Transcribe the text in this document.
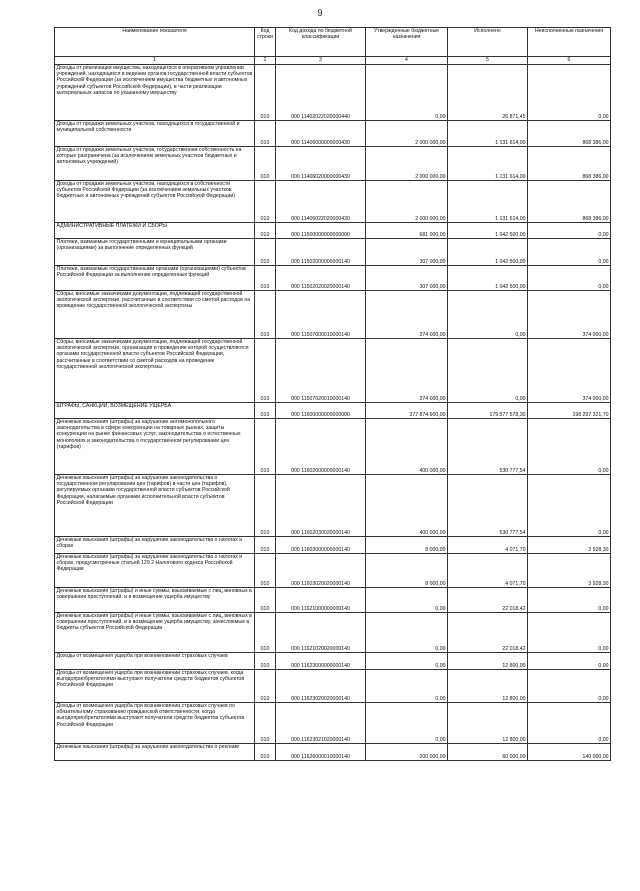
9
Наименование показателя	Код строки	Код дохода по бюджетной классификации	Утвержденные бюджетные назначения	Исполнено	Неисполненные назначения
1	2	3	4	5	6
Доходы от реализации имущества, находящегося в оперативном управлении учреждений, находящихся в ведении органов государственной власти субъектов Российской Федерации (за исключением имущества бюджетных и автономных учреждений субъектов Российской Федерации), в части реализации материальных запасов по указанному имуществу	010	000 11402022020000440	0,00	26 871,45	0,00
Доходы от продажи земельных участков, находящихся в государственной и муниципальной собственности	010	000 11406000000000430	2 000 000,00	1 131 614,00	868 386,00
Доходы от продажи земельных участков, государственная собственность на которые разграничена (за исключением земельных участков бюджетных и автономных учреждений)	010	000 11406020000000430	2 000 000,00	1 131 614,00	868 386,00
Доходы от продажи земельных участков, находящихся в собственности субъектов Российской Федерации (за исключением земельных участков бюджетных и автономных учреждений субъектов Российской Федерации)	010	000 11406022020000430	2 000 000,00	1 131 614,00	868 386,00
АДМИНИСТРАТИВНЫЕ ПЛАТЕЖИ И СБОРЫ	010	000 11500000000000000	681 000,00	1 042 500,00	0,00
Платежи, взимаемые государственными и муниципальными органами (организациями) за выполнение определенных функций	010	000 11502000000000140	307 000,00	1 042 500,00	0,00
Платежи, взимаемые государственными органами (организациями) субъектов Российской Федерации за выполнение определенных функций	010	000 11502020020000140	307 000,00	1 042 500,00	0,00
Сборы, вносимые заказчиками документации, подлежащей государственной экологической экспертизе, рассчитанные в соответствии со сметой расходов на проведение государственной экологической экспертизы	010	000 11507000010000140	374 000,00	0,00	374 000,00
Сборы, вносимые заказчиками документации, подлежащей государственной экологической экспертизе, организация и проведение которой осуществляются органами государственной власти субъектов Российской Федерации, рассчитанные в соответствии со сметой расходов на проведение государственной экологической экспертизы	010	000 11507020010000140	374 000,00	0,00	374 000,00
ШТРАФЫ, САНКЦИИ, ВОЗМЕЩЕНИЕ УЩЕРБА	010	000 11600000000000000	377 874 900,00	179 577 578,30	198 297 321,70
Денежные взыскания (штрафы) за нарушение антимонопольного законодательства в сфере конкуренции на товарных рынках, защиты конкуренции на рынке финансовых услуг, законодательства о естественных монополиях и законодательства о государственном регулировании цен (тарифов)	010	000 11602000000000140	400 000,00	530 777,54	0,00
Денежные взыскания (штрафы) за нарушение законодательства о государственном регулировании цен (тарифов) в части цен (тарифов), регулируемых органами государственной власти субъектов Российской Федерации, налагаемые органами исполнительной власти субъектов Российской Федерации	010	000 11602030020000140	400 000,00	530 777,54	0,00
Денежные взыскания (штрафы) за нарушение законодательства о налогах и сборах	010	000 11603000000000140	8 000,00	4 071,70	3 928,30
Денежные взыскания (штрафы) за нарушение законодательства о налогах и сборах, предусмотренные статьей 129.2 Налогового кодекса Российской Федерации	010	000 11603020020000140	8 000,00	4 071,70	3 928,30
Денежные взыскания (штрафы) и иные суммы, взыскиваемые с лиц, виновных в совершении преступлений, и в возмещение ущерба имуществу	010	000 11621000000000140	0,00	22 018,42	0,00
Денежные взыскания (штрафы) и иные суммы, взыскиваемые с лиц, виновных в совершении преступлений, и в возмещение ущерба имуществу, зачисляемые в бюджеты субъектов Российской Федерации	010	000 11621020020000140	0,00	22 018,42	0,00
Доходы от возмещения ущерба при возникновении страховых случаев	010	000 11623000000000140	0,00	12 800,00	0,00
Доходы от возмещения ущерба при возникновении страховых случаев, когда выгодоприобретателями выступают получатели средств бюджетов субъектов Российской Федерации	010	000 11623020020000140	0,00	12 800,00	0,00
Доходы от возмещения ущерба при возникновении страховых случаев по обязательному страхованию гражданской ответственности, когда выгодоприобретателями выступают получатели средств бюджетов субъектов Российской Федерации	010	000 11623021020000140	0,00	12 800,00	0,00
Денежные взыскания (штрафы) за нарушение законодательства о рекламе	010	000 11626000010000140	200 000,00	60 000,00	140 000,00
